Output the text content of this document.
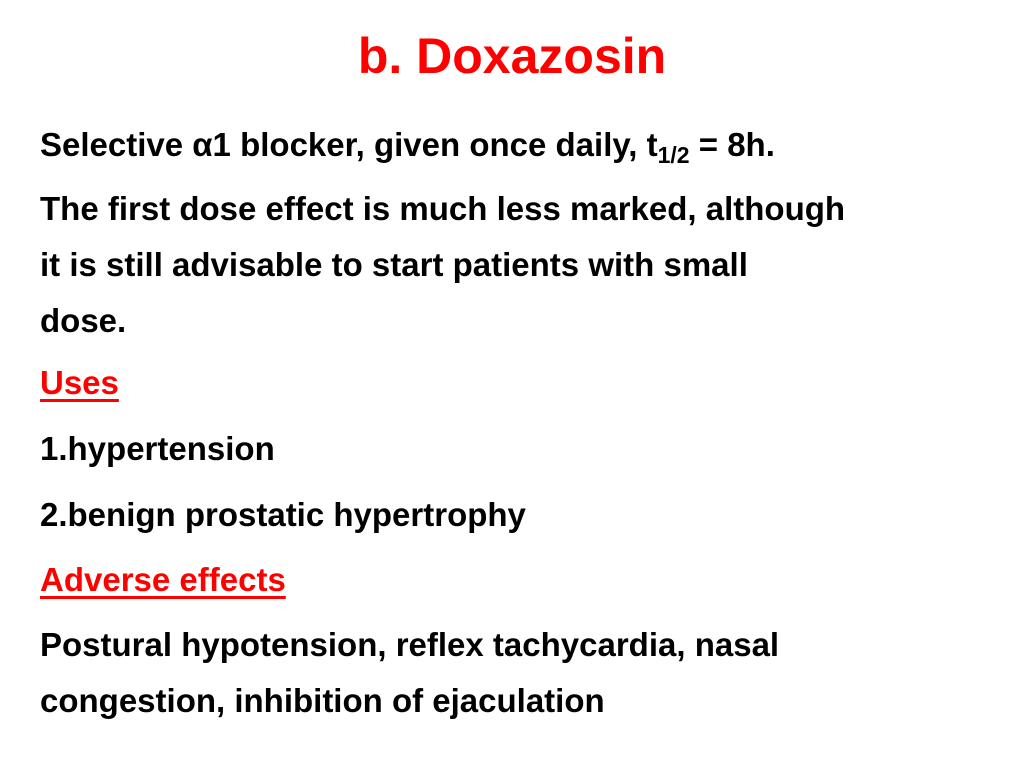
b. Doxazosin
Selective α1 blocker, given once daily, $t_{1/2} = 8h$.
The first dose effect is much less marked, although
it is still advisable to start patients with small
dose.
Uses
1.hypertension
2.benign prostatic hypertrophy
Adverse effects
Postural hypotension, reflex tachycardia, nasal
congestion, inhibition of ejaculation
